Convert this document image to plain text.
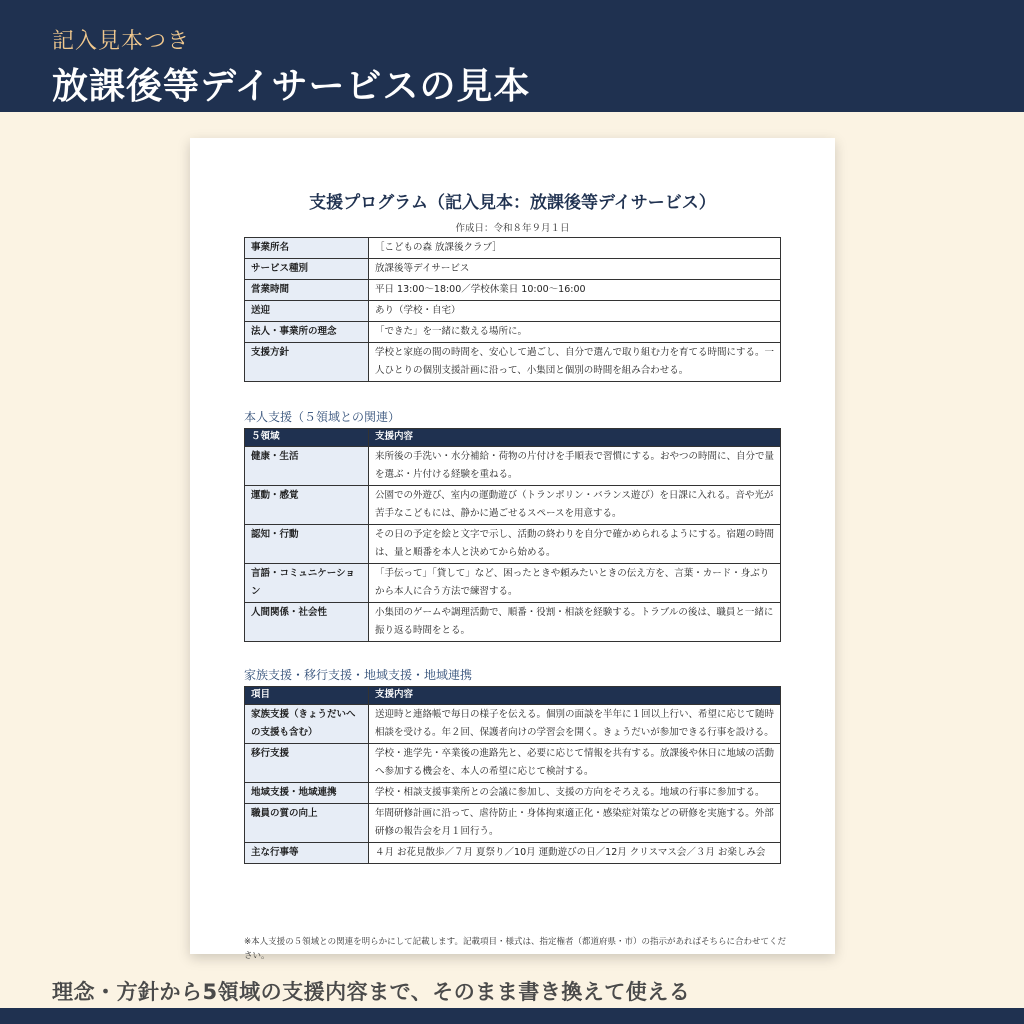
記入見本つき
放課後等デイサービスの見本
支援プログラム（記入見本：放課後等デイサービス）
作成日：令和８年９月１日
事業所名	［こどもの森 放課後クラブ］
サービス種別	放課後等デイサービス
営業時間	平日 13:00〜18:00／学校休業日 10:00〜16:00
送迎	あり（学校・自宅）
法人・事業所の理念	「できた」を一緒に数える場所に。
支援方針	学校と家庭の間の時間を、安心して過ごし、自分で選んで取り組む力を育てる時間にする。一人ひとりの個別支援計画に沿って、小集団と個別の時間を組み合わせる。
本人支援（５領域との関連）
５領域	支援内容
健康・生活	来所後の手洗い・水分補給・荷物の片付けを手順表で習慣にする。おやつの時間に、自分で量を選ぶ・片付ける経験を重ねる。
運動・感覚	公園での外遊び、室内の運動遊び（トランポリン・バランス遊び）を日課に入れる。音や光が苦手なこどもには、静かに過ごせるスペースを用意する。
認知・行動	その日の予定を絵と文字で示し、活動の終わりを自分で確かめられるようにする。宿題の時間は、量と順番を本人と決めてから始める。
言語・コミュニケーション	「手伝って」「貸して」など、困ったときや頼みたいときの伝え方を、言葉・カード・身ぶりから本人に合う方法で練習する。
人間関係・社会性	小集団のゲームや調理活動で、順番・役割・相談を経験する。トラブルの後は、職員と一緒に振り返る時間をとる。
家族支援・移行支援・地域支援・地域連携
項目	支援内容
家族支援（きょうだいへの支援も含む）	送迎時と連絡帳で毎日の様子を伝える。個別の面談を半年に１回以上行い、希望に応じて随時相談を受ける。年２回、保護者向けの学習会を開く。きょうだいが参加できる行事を設ける。
移行支援	学校・進学先・卒業後の進路先と、必要に応じて情報を共有する。放課後や休日に地域の活動へ参加する機会を、本人の希望に応じて検討する。
地域支援・地域連携	学校・相談支援事業所との会議に参加し、支援の方向をそろえる。地域の行事に参加する。
職員の質の向上	年間研修計画に沿って、虐待防止・身体拘束適正化・感染症対策などの研修を実施する。外部研修の報告会を月１回行う。
主な行事等	４月 お花見散歩／７月 夏祭り／10月 運動遊びの日／12月 クリスマス会／３月 お楽しみ会
※本人支援の５領域との関連を明らかにして記載します。記載項目・様式は、指定権者（都道府県・市）の指示があればそちらに合わせてください。
理念・方針から5領域の支援内容まで、そのまま書き換えて使える
